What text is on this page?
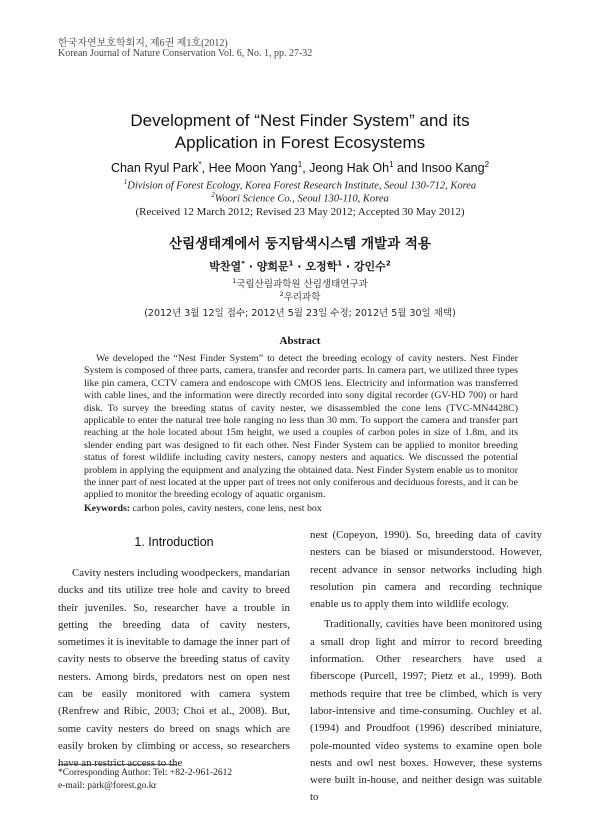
한국자연보호학회지, 제6권 제1호(2012)
Korean Journal of Nature Conservation Vol. 6, No. 1, pp. 27-32
Development of “Nest Finder System” and its
Application in Forest Ecosystems
Chan Ryul Park*, Hee Moon Yang$^1$, Jeong Hak Oh$^1$ and Insoo Kang$^2$
$^1$Division of Forest Ecology, Korea Forest Research Institute, Seoul 130-712, Korea
$^2$Woori Science Co., Seoul 130-110, Korea
(Received 12 March 2012; Revised 23 May 2012; Accepted 30 May 2012)
산림생태계에서 둥지탐색시스템 개발과 적용
박찬열* · 양희문$^1$ · 오정학$^1$ · 강인수$^2$
$^1$국립산림과학원 산림생태연구과
$^2$우리과학
(2012년 3월 12일 접수; 2012년 5월 23일 수정; 2012년 5월 30일 채택)
Abstract
We developed the “Nest Finder System” to detect the breeding ecology of cavity nesters. Nest Finder System is composed of three parts, camera, transfer and recorder parts. In camera part, we utilized three types like pin camera, CCTV camera and endoscope with CMOS lens. Electricity and information was transferred with cable lines, and the information were directly recorded into sony digital recorder (GV-HD 700) or hard disk. To survey the breeding status of cavity nester, we disassembled the cone lens (TVC-MN4428C) applicable to enter the natural tree hole ranging no less than 30 mm. To support the camera and transfer part reaching at the hole located about 15m height, we used a couples of carbon poles in size of 1.8m, and its slender ending part was designed to fit each other. Nest Finder System can be applied to monitor breeding status of forest wildlife including cavity nesters, canopy nesters and aquatics. We discussed the potential problem in applying the equipment and analyzing the obtained data. Nest Finder System enable us to monitor the inner part of nest located at the upper part of trees not only coniferous and deciduous forests, and it can be applied to monitor the breeding ecology of aquatic organism.
Keywords: carbon poles, cavity nesters, cone lens, nest box
1. Introduction

Cavity nesters including woodpeckers, mandarian ducks and tits utilize tree hole and cavity to breed their juveniles. So, researcher have a trouble in getting the breeding data of cavity nesters, sometimes it is inevitable to damage the inner part of cavity nests to observe the breeding status of cavity nesters. Among birds, predators nest on open nest can be easily monitored with camera system (Renfrew and Ribic, 2003; Choi et al., 2008). But, some cavity nesters do breed on snags which are easily broken by climbing or access, so researchers have an restrict access to the

nest (Copeyon, 1990). So, breeding data of cavity nesters can be biased or misunderstood. However, recent advance in sensor networks including high resolution pin camera and recording technique enable us to apply them into wildlife ecology.

Traditionally, cavities have been monitored using a small drop light and mirror to record breeding information. Other researchers have used a fiberscope (Purcell, 1997; Pietz et al., 1999). Both methods require that tree be climbed, which is very labor-intensive and time-consuming. Ouchley et al. (1994) and Proudfoot (1996) described miniature, pole-mounted video systems to examine open bole nests and owl nest boxes. However, these systems were built in-house, and neither design was suitable to

*Corresponding Author: Tel: +82-2-961-2612
e-mail: park@forest.go.kr
